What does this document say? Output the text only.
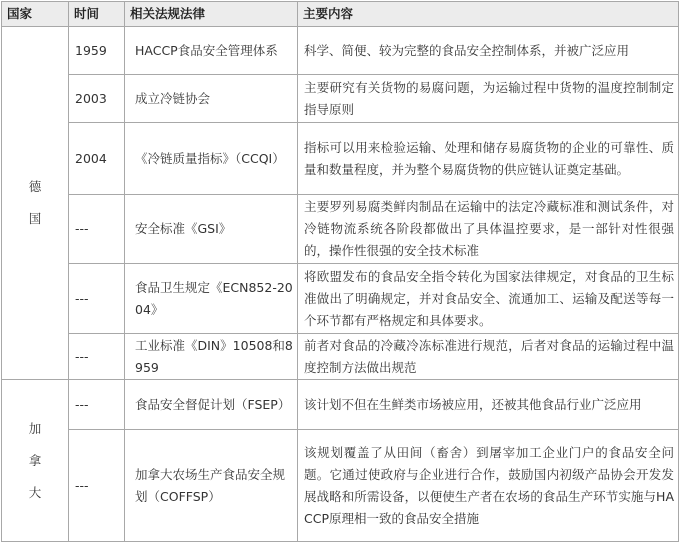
国家	时间	相关法规法律	主要内容

德国	1959	HACCP食品安全管理体系	科学、简便、较为完整的食品安全控制体系，并被广泛应用
	2003	成立冷链协会	主要研究有关货物的易腐问题，为运输过程中货物的温度控制制定指导原则
	2004	《冷链质量指标》（CCQI）	指标可以用来检验运输、处理和储存易腐货物的企业的可靠性、质量和数量程度，并为整个易腐货物的供应链认证奠定基础。
	---	安全标准《GSI》	主要罗列易腐类鲜肉制品在运输中的法定冷藏标准和测试条件，对冷链物流系统各阶段都做出了具体温控要求，是一部针对性很强的，操作性很强的安全技术标准
	---	食品卫生规定《ECN852-2004》	将欧盟发布的食品安全指令转化为国家法律规定，对食品的卫生标准做出了明确规定，并对食品安全、流通加工、运输及配送等每一个环节都有严格规定和具体要求。
	---	工业标准《DIN》10508和8959	前者对食品的冷藏冷冻标准进行规范，后者对食品的运输过程中温度控制方法做出规范

加拿大	---	食品安全督促计划（FSEP）	该计划不但在生鲜类市场被应用，还被其他食品行业广泛应用
	---	加拿大农场生产食品安全规划（COFFSP）	该规划覆盖了从田间（畜舍）到屠宰加工企业门户的食品安全问题。它通过使政府与企业进行合作，鼓励国内初级产品协会开发发展战略和所需设备，以便使生产者在农场的食品生产环节实施与HACCP原理相一致的食品安全措施
